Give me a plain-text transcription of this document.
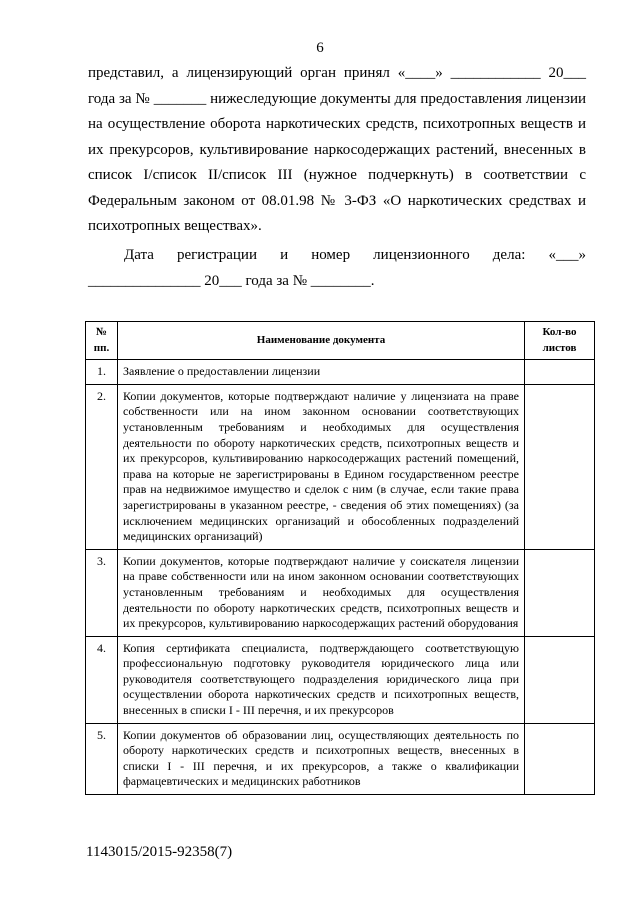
6
представил, а лицензирующий орган принял «____» ____________ 20___ года за № _______ нижеследующие документы для предоставления лицензии на осуществление оборота наркотических средств, психотропных веществ и их прекурсоров, культивирование наркосодержащих растений, внесенных в список I/список II/список III (нужное подчеркнуть) в соответствии с Федеральным законом от 08.01.98 № 3-ФЗ «О наркотических средствах и психотропных веществах».
Дата регистрации и номер лицензионного дела: «___» _______________ 20___ года за № ________.
№ пп.	Наименование документа	Кол-во листов
1.	Заявление о предоставлении лицензии	
2.	Копии документов, которые подтверждают наличие у лицензиата на праве собственности или на ином законном основании соответствующих установленным требованиям и необходимых для осуществления деятельности по обороту наркотических средств, психотропных веществ и их прекурсоров, культивированию наркосодержащих растений помещений, права на которые не зарегистрированы в Едином государственном реестре прав на недвижимое имущество и сделок с ним (в случае, если такие права зарегистрированы в указанном реестре, - сведения об этих помещениях) (за исключением медицинских организаций и обособленных подразделений медицинских организаций)	
3.	Копии документов, которые подтверждают наличие у соискателя лицензии на праве собственности или на ином законном основании соответствующих установленным требованиям и необходимых для осуществления деятельности по обороту наркотических средств, психотропных веществ и их прекурсоров, культивированию наркосодержащих растений оборудования	
4.	Копия сертификата специалиста, подтверждающего соответствующую профессиональную подготовку руководителя юридического лица или руководителя соответствующего подразделения юридического лица при осуществлении оборота наркотических средств и психотропных веществ, внесенных в списки I - III перечня, и их прекурсоров	
5.	Копии документов об образовании лиц, осуществляющих деятельность по обороту наркотических средств и психотропных веществ, внесенных в списки I - III перечня, и их прекурсоров, а также о квалификации фармацевтических и медицинских работников	
1143015/2015-92358(7)
